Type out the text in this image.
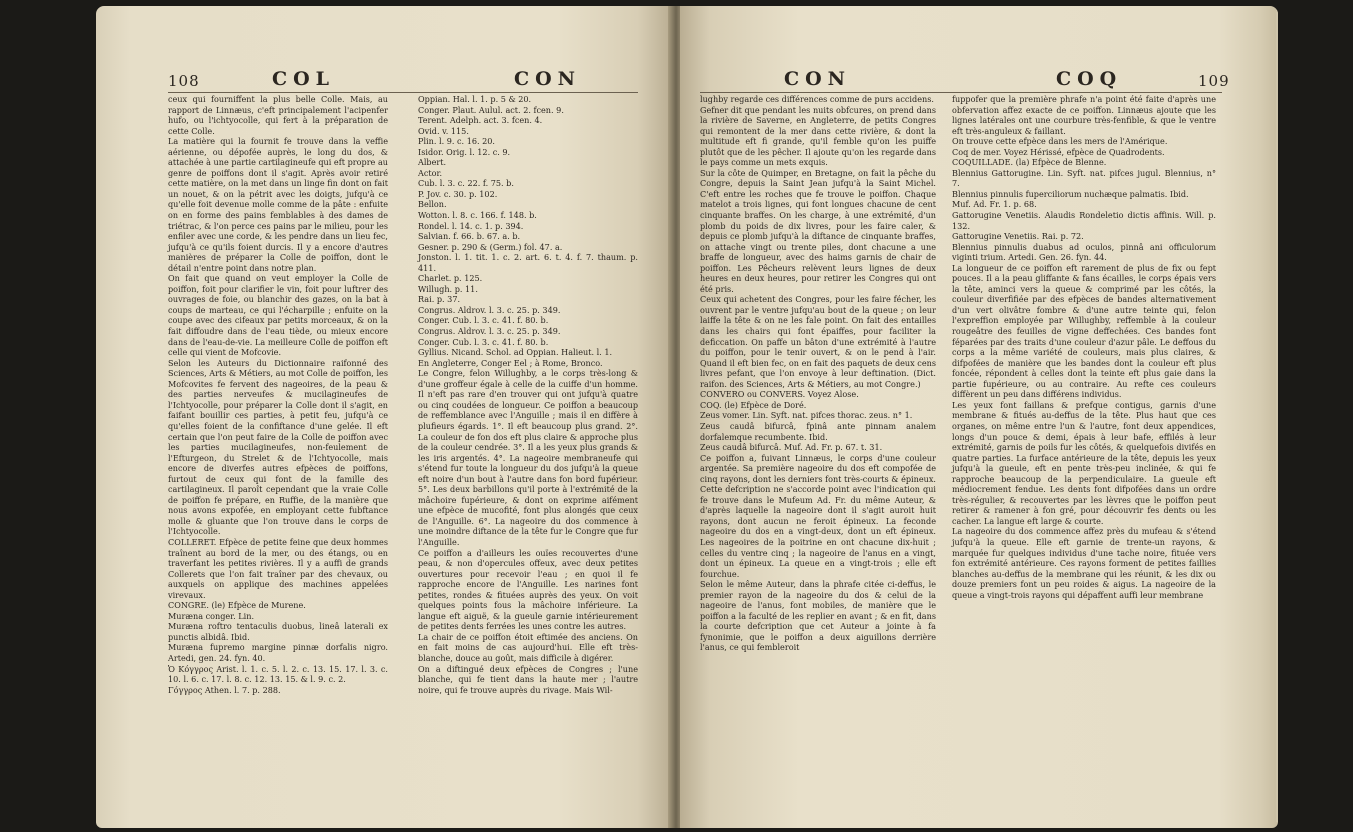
108	COL	CON

ceux qui fourniffent la plus belle Colle. Mais, au rapport de Linnæus, c'eft principalement l'acipenfer hufo, ou l'ichtyocolle, qui fert à la préparation de cette Colle.

La matière qui la fournit fe trouve dans la veffie aérienne, ou dépofée auprès, le long du dos, & attachée à une partie cartilagineufe qui eft propre au genre de poiffons dont il s'agit. Après avoir retiré cette matière, on la met dans un linge fin dont on fait un nouet, & on la pétrit avec les doigts, jufqu'à ce qu'elle foit devenue molle comme de la pâte : enfuite on en forme des pains femblables à des dames de triétrac, & l'on perce ces pains par le milieu, pour les enfiler avec une corde, & les pendre dans un lieu fec, jufqu'à ce qu'ils foient durcis. Il y a encore d'autres manières de préparer la Colle de poiffon, dont le détail n'entre point dans notre plan.

On fait que quand on veut employer la Colle de poiffon, foit pour clarifier le vin, foit pour luftrer des ouvrages de foie, ou blanchir des gazes, on la bat à coups de marteau, ce qui l'écharpille ; enfuite on la coupe avec des cifeaux par petits morceaux, & on la fait diffoudre dans de l'eau tiède, ou mieux encore dans de l'eau-de-vie. La meilleure Colle de poiffon eft celle qui vient de Mofcovie.

Selon les Auteurs du Dictionnaire raifonné des Sciences, Arts & Métiers, au mot Colle de poiffon, les Mofcovites fe fervent des nageoires, de la peau & des parties nerveufes & mucilagineufes de l'Ichtyocolle, pour préparer la Colle dont il s'agit, en faifant bouillir ces parties, à petit feu, jufqu'à ce qu'elles foient de la confiftance d'une gelée. Il eft certain que l'on peut faire de la Colle de poiffon avec les parties mucilagineufes, non-feulement de l'Efturgeon, du Strelet & de l'Ichtyocolle, mais encore de diverfes autres efpèces de poiffons, furtout de ceux qui font de la famille des cartilagineux. Il paroît cependant que la vraie Colle de poiffon fe prépare, en Ruffie, de la manière que nous avons expofée, en employant cette fubftance molle & gluante que l'on trouve dans le corps de l'Ichtyocolle.

COLLERET. Efpèce de petite feine que deux hommes traînent au bord de la mer, ou des étangs, ou en traverfant les petites rivières. Il y a auffi de grands Collerets que l'on fait traîner par des chevaux, ou auxquels on applique des machines appelées virevaux.

CONGRE. (le) Efpèce de Murene.

Muræna conger. Lin.

Muræna roftro tentaculis duobus, lineâ laterali ex punctis albidâ. Ibid.

Muræna fupremo margine pinnæ dorfalis nigro. Artedi, gen. 24. fyn. 40.

Ὁ Κόγγρος Arist. l. 1. c. 5. l. 2. c. 13. 15. 17. l. 3. c. 10. l. 6. c. 17. l. 8. c. 12. 13. 15. & l. 9. c. 2.

Γόγγρος Athen. l. 7. p. 288.

Oppian. Hal. l. 1. p. 5 & 20.

Conger. Plaut. Aulul. act. 2. fcen. 9.

Terent. Adelph. act. 3. fcen. 4.

Ovid. v. 115.

Plin. l. 9. c. 16. 20.

Isidor. Orig. l. 12. c. 9.

Albert.

Actor.

Cub. l. 3. c. 22. f. 75. b.

P. Jov. c. 30. p. 102.

Bellon.

Wotton. l. 8. c. 166. f. 148. b.

Rondel. l. 14. c. 1. p. 394.

Salvian. f. 66. b. 67. a. b.

Gesner. p. 290 & (Germ.) fol. 47. a.

Jonston. l. 1. tit. 1. c. 2. art. 6. t. 4. f. 7. thaum. p. 411.

Charlet. p. 125.

Willugh. p. 11.

Rai. p. 37.

Congrus. Aldrov. l. 3. c. 25. p. 349.

Conger. Cub. l. 3. c. 41. f. 80. b.

Congrus. Aldrov. l. 3. c. 25. p. 349.

Conger. Cub. l. 3. c. 41. f. 80. b.

Gyllius. Nicand. Schol. ad Oppian. Halieut. l. 1.

En Angleterre, Conger Eel ; à Rome, Bronco.

Le Congre, felon Willughby, a le corps très-long & d'une groffeur égale à celle de la cuiffe d'un homme. Il n'eft pas rare d'en trouver qui ont jufqu'à quatre ou cinq coudées de longueur. Ce poiffon a beaucoup de reffemblance avec l'Anguille ; mais il en diffère à plufieurs égards. 1°. Il eft beaucoup plus grand. 2°. La couleur de fon dos eft plus claire & approche plus de la couleur cendrée. 3°. Il a les yeux plus grands & les iris argentés. 4°. La nageoire membraneufe qui s'étend fur toute la longueur du dos jufqu'à la queue eft noire d'un bout à l'autre dans fon bord fupérieur. 5°. Les deux barbillons qu'il porte à l'extrémité de la mâchoire fupérieure, & dont on exprime aifément une efpèce de mucofité, font plus alongés que ceux de l'Anguille. 6°. La nageoire du dos commence à une moindre diftance de la tête fur le Congre que fur l'Anguille.

Ce poiffon a d'ailleurs les ouïes recouvertes d'une peau, & non d'opercules offeux, avec deux petites ouvertures pour recevoir l'eau ; en quoi il fe rapproche encore de l'Anguille. Les narines font petites, rondes & fituées auprès des yeux. On voit quelques points fous la mâchoire inférieure. La langue eft aiguë, & la gueule garnie intérieurement de petites dents ferrées les unes contre les autres.

La chair de ce poiffon étoit eftimée des anciens. On en fait moins de cas aujourd'hui. Elle eft très-blanche, douce au goût, mais difficile à digérer.

On a diftingué deux efpèces de Congres ; l'une blanche, qui fe tient dans la haute mer ; l'autre noire, qui fe trouve auprès du rivage. Mais Wil-

CON	COQ	109

lughby regarde ces différences comme de purs accidens.

Gefner dit que pendant les nuits obfcures, on prend dans la rivière de Saverne, en Angleterre, de petits Congres qui remontent de la mer dans cette rivière, & dont la multitude eft fi grande, qu'il femble qu'on les puiffe plutôt que de les pêcher. Il ajoute qu'on les regarde dans le pays comme un mets exquis.

Sur la côte de Quimper, en Bretagne, on fait la pêche du Congre, depuis la Saint Jean jufqu'à la Saint Michel. C'eft entre les roches que fe trouve le poiffon. Chaque matelot a trois lignes, qui font longues chacune de cent cinquante braffes. On les charge, à une extrémité, d'un plomb du poids de dix livres, pour les faire caler, & depuis ce plomb jufqu'à la diftance de cinquante braffes, on attache vingt ou trente piles, dont chacune a une braffe de longueur, avec des haims garnis de chair de poiffon. Les Pêcheurs relèvent leurs lignes de deux heures en deux heures, pour retirer les Congres qui ont été pris.

Ceux qui achetent des Congres, pour les faire fécher, les ouvrent par le ventre jufqu'au bout de la queue ; on leur laiffe la tête & on ne les fale point. On fait des entailles dans les chairs qui font épaiffes, pour faciliter la deficcation. On paffe un bâton d'une extrémité à l'autre du poiffon, pour le tenir ouvert, & on le pend à l'air. Quand il eft bien fec, on en fait des paquets de deux cens livres pefant, que l'on envoye à leur deftination. (Dict. raifon. des Sciences, Arts & Métiers, au mot Congre.)

CONVERO ou CONVERS. Voyez Alose.

COQ. (le) Efpèce de Doré.

Zeus vomer. Lin. Syft. nat. pifces thorac. zeus. n° 1.

Zeus caudâ bifurcâ, fpinâ ante pinnam analem dorfalemque recumbente. Ibid.

Zeus caudâ bifurcâ. Muf. Ad. Fr. p. 67. t. 31.

Ce poiffon a, fuivant Linnæus, le corps d'une couleur argentée. Sa première nageoire du dos eft compofée de cinq rayons, dont les derniers font très-courts & épineux. Cette defcription ne s'accorde point avec l'indication qui fe trouve dans le Mufeum Ad. Fr. du même Auteur, & d'après laquelle la nageoire dont il s'agit auroit huit rayons, dont aucun ne feroit épineux. La feconde nageoire du dos en a vingt-deux, dont un eft épineux. Les nageoires de la poitrine en ont chacune dix-huit ; celles du ventre cinq ; la nageoire de l'anus en a vingt, dont un épineux. La queue en a vingt-trois ; elle eft fourchue.

Selon le même Auteur, dans la phrafe citée ci-deffus, le premier rayon de la nageoire du dos & celui de la nageoire de l'anus, font mobiles, de manière que le poiffon a la faculté de les replier en avant ; & en fit, dans la courte defcription que cet Auteur a jointe à fa fynonimie, que le poiffon a deux aiguillons derrière l'anus, ce qui fembleroit

fuppofer que la première phrafe n'a point été faite d'après une obfervation affez exacte de ce poiffon. Linnæus ajoute que les lignes latérales ont une courbure très-fenfible, & que le ventre eft très-anguleux & faillant.

On trouve cette efpèce dans les mers de l'Amérique.

Coq de mer. Voyez Hérissé, efpèce de Quadrodents.

COQUILLADE. (la) Efpèce de Blenne.

Blennius Gattorugine. Lin. Syft. nat. pifces jugul. Blennius, n° 7.

Blennius pinnulis fuperciliorum nuchæque palmatis. Ibid.

Muf. Ad. Fr. 1. p. 68.

Gattorugine Venetiis. Alaudis Rondeletio dictis affinis. Will. p. 132.

Gattorugine Venetiis. Rai. p. 72.

Blennius pinnulis duabus ad oculos, pinnâ ani officulorum viginti trium. Artedi. Gen. 26. fyn. 44.

La longueur de ce poiffon eft rarement de plus de fix ou fept pouces. Il a la peau gliffante & fans écailles, le corps épais vers la tête, aminci vers la queue & comprimé par les côtés, la couleur diverfifiée par des efpèces de bandes alternativement d'un vert olivâtre fombre & d'une autre teinte qui, felon l'expreffion employée par Willughby, reffemble à la couleur rougeâtre des feuilles de vigne deffechées. Ces bandes font féparées par des traits d'une couleur d'azur pâle. Le deffous du corps a la même variété de couleurs, mais plus claires, & difpofées de manière que les bandes dont la couleur eft plus foncée, répondent à celles dont la teinte eft plus gaie dans la partie fupérieure, ou au contraire. Au refte ces couleurs diffèrent un peu dans différens individus.

Les yeux font faillans & prefque contigus, garnis d'une membrane & fitués au-deffus de la tête. Plus haut que ces organes, on même entre l'un & l'autre, font deux appendices, longs d'un pouce & demi, épais à leur bafe, effilés à leur extrémité, garnis de poils fur les côtés, & quelquefois divifés en quatre parties. La furface antérieure de la tête, depuis les yeux jufqu'à la gueule, eft en pente très-peu inclinée, & qui fe rapproche beaucoup de la perpendiculaire. La gueule eft médiocrement fendue. Les dents font difpofées dans un ordre très-régulier, & recouvertes par les lèvres que le poiffon peut retirer & ramener à fon gré, pour découvrir fes dents ou les cacher. La langue eft large & courte.

La nageoire du dos commence affez près du mufeau & s'étend jufqu'à la queue. Elle eft garnie de trente-un rayons, & marquée fur quelques individus d'une tache noire, fituée vers fon extrémité antérieure. Ces rayons forment de petites faillies blanches au-deffus de la membrane qui les réunit, & les dix ou douze premiers font un peu roides & aigus. La nageoire de la queue a vingt-trois rayons qui dépaffent auffi leur membrane
